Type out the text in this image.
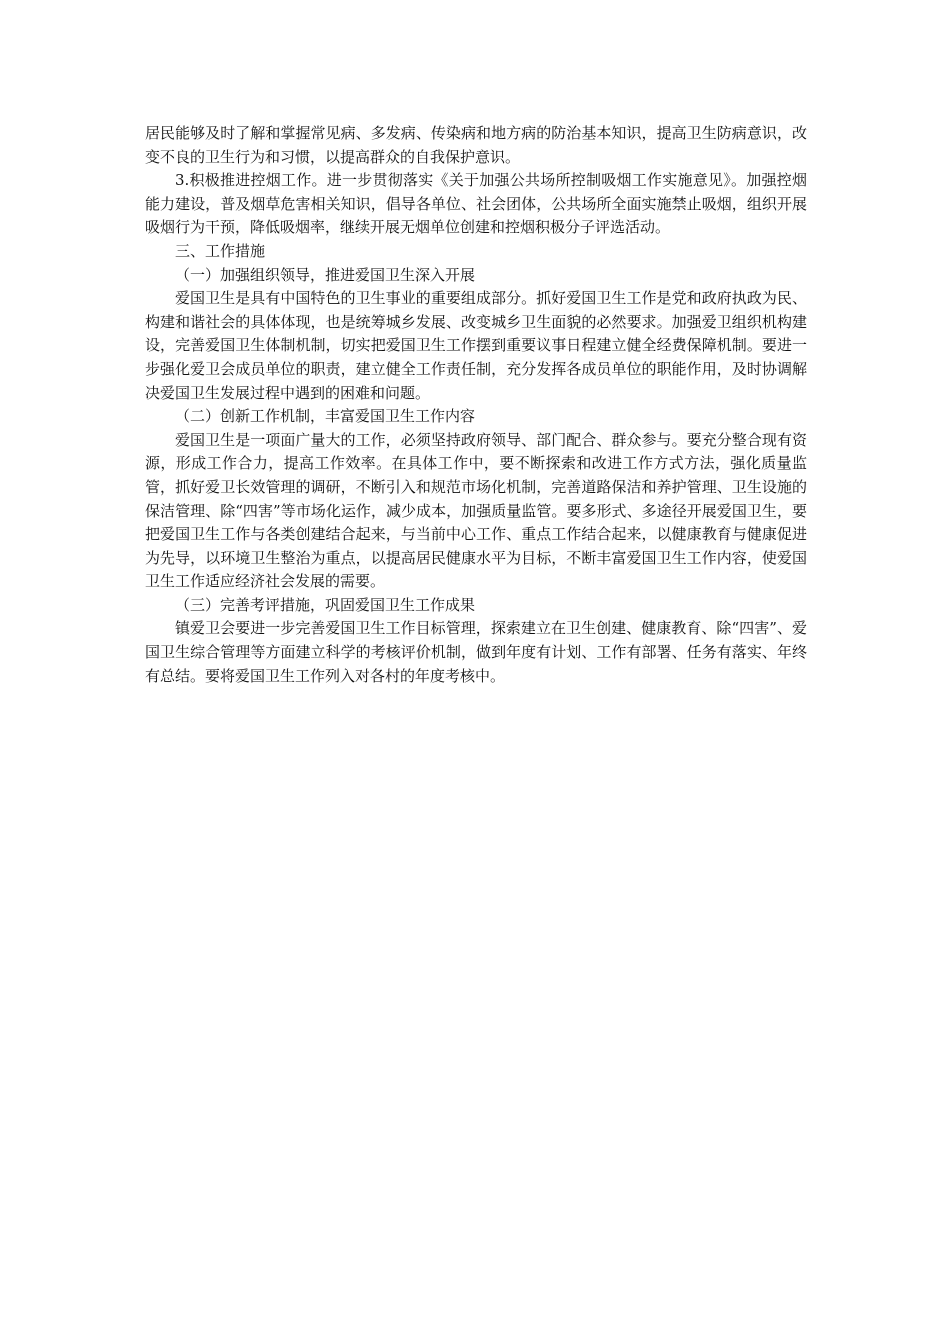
居民能够及时了解和掌握常见病、多发病、传染病和地方病的防治基本知识，提高卫生防病意识，改变不良的卫生行为和习惯，以提高群众的自我保护意识。

3.积极推进控烟工作。进一步贯彻落实《关于加强公共场所控制吸烟工作实施意见》。加强控烟能力建设，普及烟草危害相关知识，倡导各单位、社会团体，公共场所全面实施禁止吸烟，组织开展吸烟行为干预，降低吸烟率，继续开展无烟单位创建和控烟积极分子评选活动。

三、工作措施

（一）加强组织领导，推进爱国卫生深入开展

爱国卫生是具有中国特色的卫生事业的重要组成部分。抓好爱国卫生工作是党和政府执政为民、构建和谐社会的具体体现，也是统筹城乡发展、改变城乡卫生面貌的必然要求。加强爱卫组织机构建设，完善爱国卫生体制机制，切实把爱国卫生工作摆到重要议事日程建立健全经费保障机制。要进一步强化爱卫会成员单位的职责，建立健全工作责任制，充分发挥各成员单位的职能作用，及时协调解决爱国卫生发展过程中遇到的困难和问题。

（二）创新工作机制，丰富爱国卫生工作内容

爱国卫生是一项面广量大的工作，必须坚持政府领导、部门配合、群众参与。要充分整合现有资源，形成工作合力，提高工作效率。在具体工作中，要不断探索和改进工作方式方法，强化质量监管，抓好爱卫长效管理的调研，不断引入和规范市场化机制，完善道路保洁和养护管理、卫生设施的保洁管理、除“四害”等市场化运作，减少成本，加强质量监管。要多形式、多途径开展爱国卫生，要把爱国卫生工作与各类创建结合起来，与当前中心工作、重点工作结合起来，以健康教育与健康促进为先导，以环境卫生整治为重点，以提高居民健康水平为目标，不断丰富爱国卫生工作内容，使爱国卫生工作适应经济社会发展的需要。

（三）完善考评措施，巩固爱国卫生工作成果

镇爱卫会要进一步完善爱国卫生工作目标管理，探索建立在卫生创建、健康教育、除“四害”、爱国卫生综合管理等方面建立科学的考核评价机制，做到年度有计划、工作有部署、任务有落实、年终有总结。要将爱国卫生工作列入对各村的年度考核中。
